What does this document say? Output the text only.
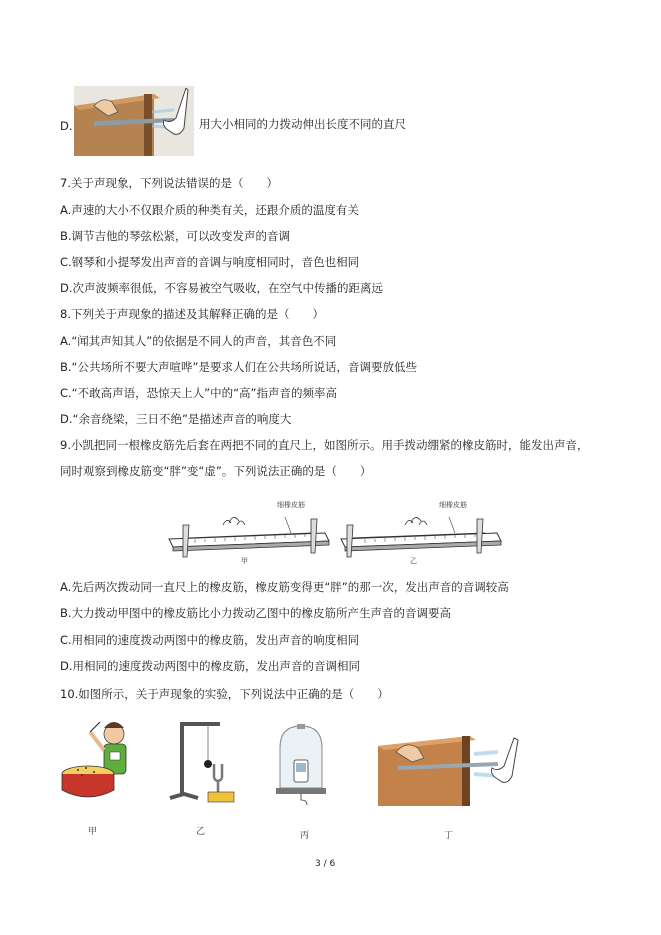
D.	用大小相同的力拨动伸出长度不同的直尺
7.关于声现象，下列说法错误的是（　　）
A.声速的大小不仅跟介质的种类有关，还跟介质的温度有关
B.调节吉他的琴弦松紧，可以改变发声的音调
C.钢琴和小提琴发出声音的音调与响度相同时，音色也相同
D.次声波频率很低，不容易被空气吸收，在空气中传播的距离远
8.下列关于声现象的描述及其解释正确的是（　　）
A.“闻其声知其人”的依据是不同人的声音，其音色不同
B.“公共场所不要大声喧哗”是要求人们在公共场所说话，音调要放低些
C.“不敢高声语，恐惊天上人”中的“高”指声音的频率高
D.“余音绕梁，三日不绝”是描述声音的响度大
9.小凯把同一根橡皮筋先后套在两把不同的直尺上，如图所示。用手拨动绷紧的橡皮筋时，能发出声音，
同时观察到橡皮筋变“胖”变“虚”。下列说法正确的是（　　）
细橡皮筋
甲
细橡皮筋
乙
A.先后两次拨动同一直尺上的橡皮筋，橡皮筋变得更“胖”的那一次，发出声音的音调较高
B.大力拨动甲图中的橡皮筋比小力拨动乙图中的橡皮筋所产生声音的音调要高
C.用相同的速度拨动两图中的橡皮筋，发出声音的响度相同
D.用相同的速度拨动两图中的橡皮筋，发出声音的音调相同
10.如图所示，关于声现象的实验，下列说法中正确的是（　　）
甲	乙	丙	丁
3 / 6
